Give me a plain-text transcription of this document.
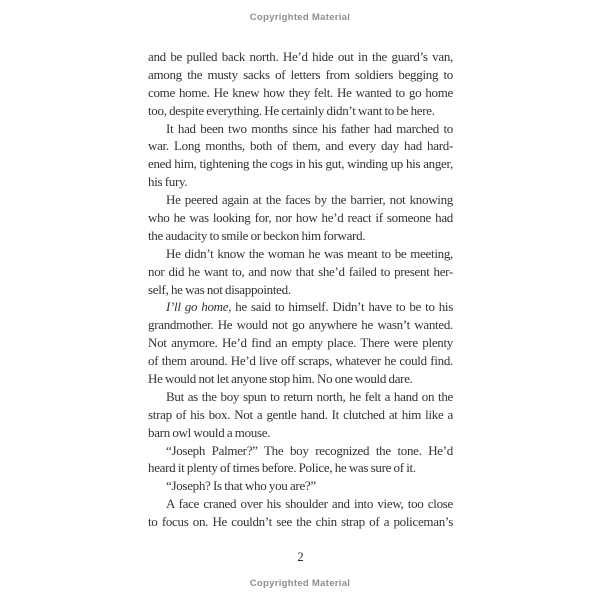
Copyrighted Material
and be pulled back north. He’d hide out in the guard’s van,
among the musty sacks of letters from soldiers begging to
come home. He knew how they felt. He wanted to go home
too, despite everything. He certainly didn’t want to be here.
It had been two months since his father had marched to
war. Long months, both of them, and every day had hard-
ened him, tightening the cogs in his gut, winding up his anger,
his fury.
He peered again at the faces by the barrier, not knowing
who he was looking for, nor how he’d react if someone had
the audacity to smile or beckon him forward.
He didn’t know the woman he was meant to be meeting,
nor did he want to, and now that she’d failed to present her-
self, he was not disappointed.
I’ll go home, he said to himself. Didn’t have to be to his
grandmother. He would not go anywhere he wasn’t wanted.
Not anymore. He’d find an empty place. There were plenty
of them around. He’d live off scraps, whatever he could find.
He would not let anyone stop him. No one would dare.
But as the boy spun to return north, he felt a hand on the
strap of his box. Not a gentle hand. It clutched at him like a
barn owl would a mouse.
“Joseph Palmer?” The boy recognized the tone. He’d
heard it plenty of times before. Police, he was sure of it.
“Joseph? Is that who you are?”
A face craned over his shoulder and into view, too close
to focus on. He couldn’t see the chin strap of a policeman’s
2
Copyrighted Material
